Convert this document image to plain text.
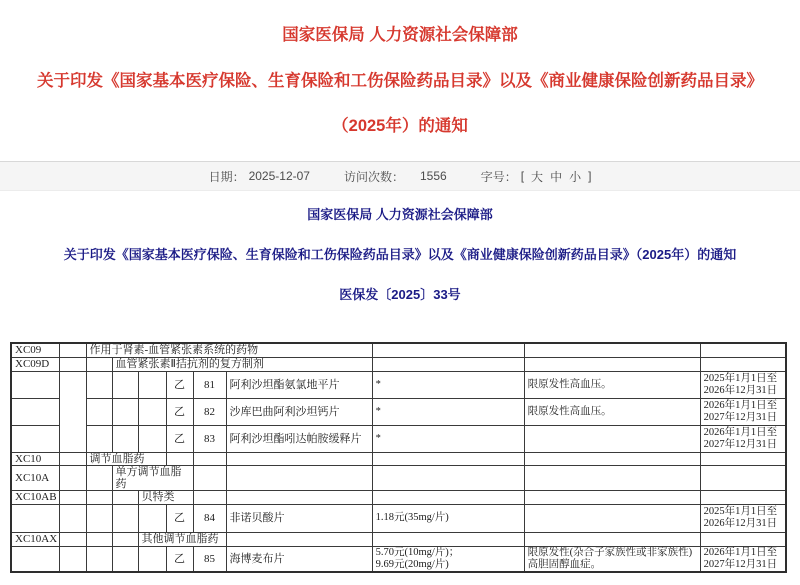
国家医保局 人力资源社会保障部
关于印发《国家基本医疗保险、生育保险和工伤保险药品目录》以及《商业健康保险创新药品目录》
（2025年）的通知
日期： 2025-12-07	访问次数： 1556	字号： [ 大 中 小 ]
国家医保局 人力资源社会保障部
关于印发《国家基本医疗保险、生育保险和工伤保险药品目录》以及《商业健康保险创新药品目录》（2025年）的通知
医保发〔2025〕33号
XC09		作用于肾素-血管紧张素系统的药物								
XC09D			血管紧张素Ⅱ拮抗剂的复方制剂							
					乙	81	阿利沙坦酯氨氯地平片	*	限原发性高血压。	2025年1月1日至
2026年12月31日
					乙	82	沙库巴曲阿利沙坦钙片	*	限原发性高血压。	2026年1月1日至
2027年12月31日
					乙	83	阿利沙坦酯吲达帕胺缓释片	*		2026年1月1日至
2027年12月31日
XC10		调节血脂药								
XC10A			单方调节血脂药							
XC10AB				贝特类						
					乙	84	非诺贝酸片	1.18元(35mg/片)		2025年1月1日至
2026年12月31日
XC10AX				其他调节血脂药						
					乙	85	海博麦布片	5.70元(10mg/片)；
9.69元(20mg/片)	限原发性(杂合子家族性或非家族性)
高胆固醇血症。	2026年1月1日至
2027年12月31日
